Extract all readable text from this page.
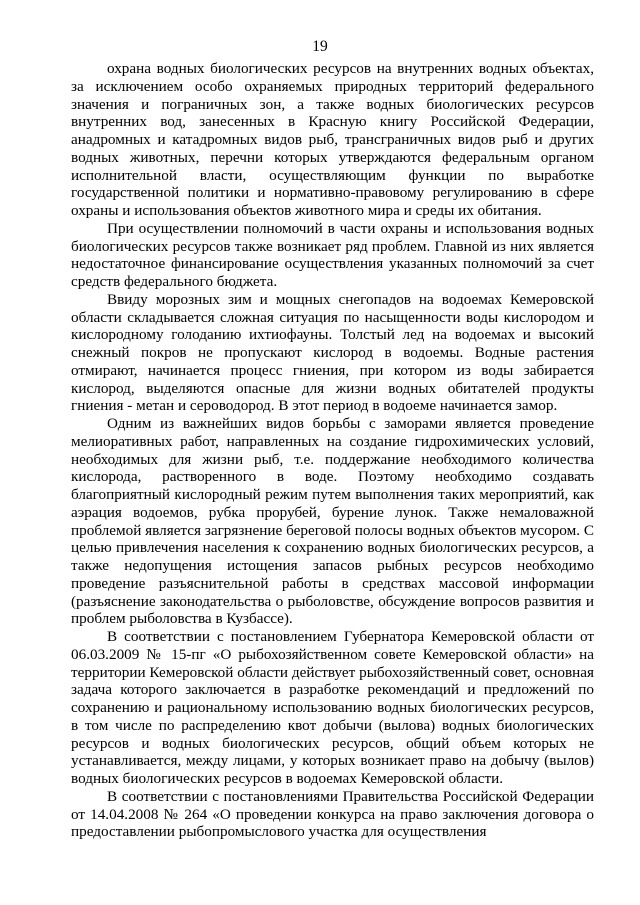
19

охрана водных биологических ресурсов на внутренних водных объектах, за исключением особо охраняемых природных территорий федерального значения и пограничных зон, а также водных биологических ресурсов внутренних вод, занесенных в Красную книгу Российской Федерации, анадромных и катадромных видов рыб, трансграничных видов рыб и других водных животных, перечни которых утверждаются федеральным органом исполнительной власти, осуществляющим функции по выработке государственной политики и нормативно-правовому регулированию в сфере охраны и использования объектов животного мира и среды их обитания.

При осуществлении полномочий в части охраны и использования водных биологических ресурсов также возникает ряд проблем. Главной из них является недостаточное финансирование осуществления указанных полномочий за счет средств федерального бюджета.

Ввиду морозных зим и мощных снегопадов на водоемах Кемеровской области складывается сложная ситуация по насыщенности воды кислородом и кислородному голоданию ихтиофауны. Толстый лед на водоемах и высокий снежный покров не пропускают кислород в водоемы. Водные растения отмирают, начинается процесс гниения, при котором из воды забирается кислород, выделяются опасные для жизни водных обитателей продукты гниения - метан и сероводород. В этот период в водоеме начинается замор.

Одним из важнейших видов борьбы с заморами является проведение мелиоративных работ, направленных на создание гидрохимических условий, необходимых для жизни рыб, т.е. поддержание необходимого количества кислорода, растворенного в воде. Поэтому необходимо создавать благоприятный кислородный режим путем выполнения таких мероприятий, как аэрация водоемов, рубка прорубей, бурение лунок. Также немаловажной проблемой является загрязнение береговой полосы водных объектов мусором. С целью привлечения населения к сохранению водных биологических ресурсов, а также недопущения истощения запасов рыбных ресурсов необходимо проведение разъяснительной работы в средствах массовой информации (разъяснение законодательства о рыболовстве, обсуждение вопросов развития и проблем рыболовства в Кузбассе).

В соответствии с постановлением Губернатора Кемеровской области от 06.03.2009 № 15-пг «О рыбохозяйственном совете Кемеровской области» на территории Кемеровской области действует рыбохозяйственный совет, основная задача которого заключается в разработке рекомендаций и предложений по сохранению и рациональному использованию водных биологических ресурсов, в том числе по распределению квот добычи (вылова) водных биологических ресурсов и водных биологических ресурсов, общий объем которых не устанавливается, между лицами, у которых возникает право на добычу (вылов) водных биологических ресурсов в водоемах Кемеровской области.

В соответствии с постановлениями Правительства Российской Федерации от 14.04.2008 № 264 «О проведении конкурса на право заключения договора о предоставлении рыбопромыслового участка для осуществления
